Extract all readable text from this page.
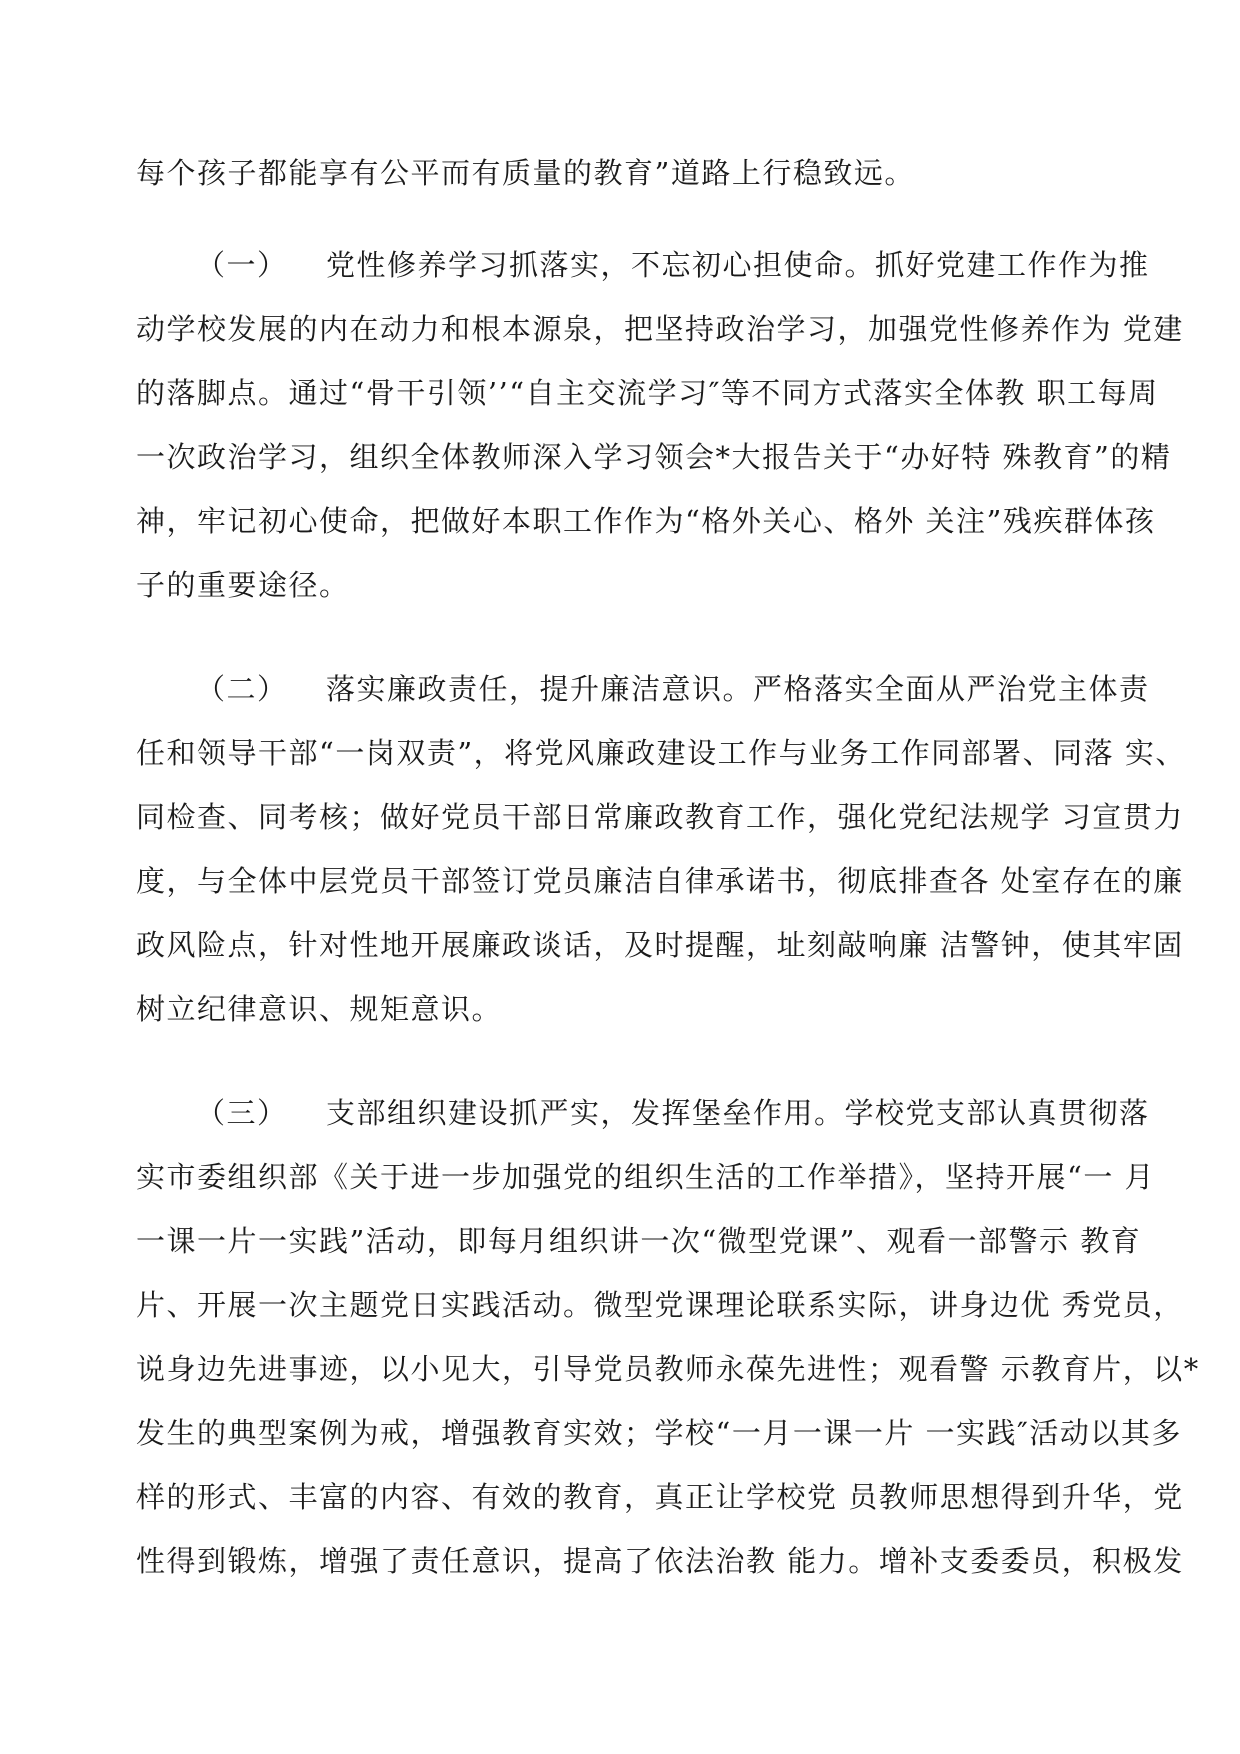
每个孩子都能享有公平而有质量的教育”道路上行稳致远。

（一） 党性修养学习抓落实，不忘初心担使命。抓好党建工作作为推
动学校发展的内在动力和根本源泉，把坚持政治学习，加强党性修养作为 党建
的落脚点。通过“骨干引领’’“自主交流学习″等不同方式落实全体教 职工每周
一次政治学习，组织全体教师深入学习领会*大报告关于“办好特 殊教育”的精
神，牢记初心使命，把做好本职工作作为“格外关心、格外 关注”残疾群体孩
子的重要途径。
（二） 落实廉政责任，提升廉洁意识。严格落实全面从严治党主体责
任和领导干部“一岗双责”，将党风廉政建设工作与业务工作同部署、同落 实、
同检查、同考核；做好党员干部日常廉政教育工作，强化党纪法规学 习宣贯力
度，与全体中层党员干部签订党员廉洁自律承诺书，彻底排查各 处室存在的廉
政风险点，针对性地开展廉政谈话，及时提醒，址刻敲响廉 洁警钟，使其牢固
树立纪律意识、规矩意识。
（三） 支部组织建设抓严实，发挥堡垒作用。学校党支部认真贯彻落
实市委组织部《关于进一步加强党的组织生活的工作举措》，坚持开展“一 月
一课一片一实践”活动，即每月组织讲一次“微型党课”、观看一部警示 教育
片、开展一次主题党日实践活动。微型党课理论联系实际，讲身边优 秀党员，
说身边先进事迹，以小见大，引导党员教师永葆先进性；观看警 示教育片，以*
发生的典型案例为戒，增强教育实效；学校“一月一课一片 一实践″活动以其多
样的形式、丰富的内容、有效的教育，真正让学校党 员教师思想得到升华，党
性得到锻炼，增强了责任意识，提高了依法治教 能力。增补支委委员，积极发
